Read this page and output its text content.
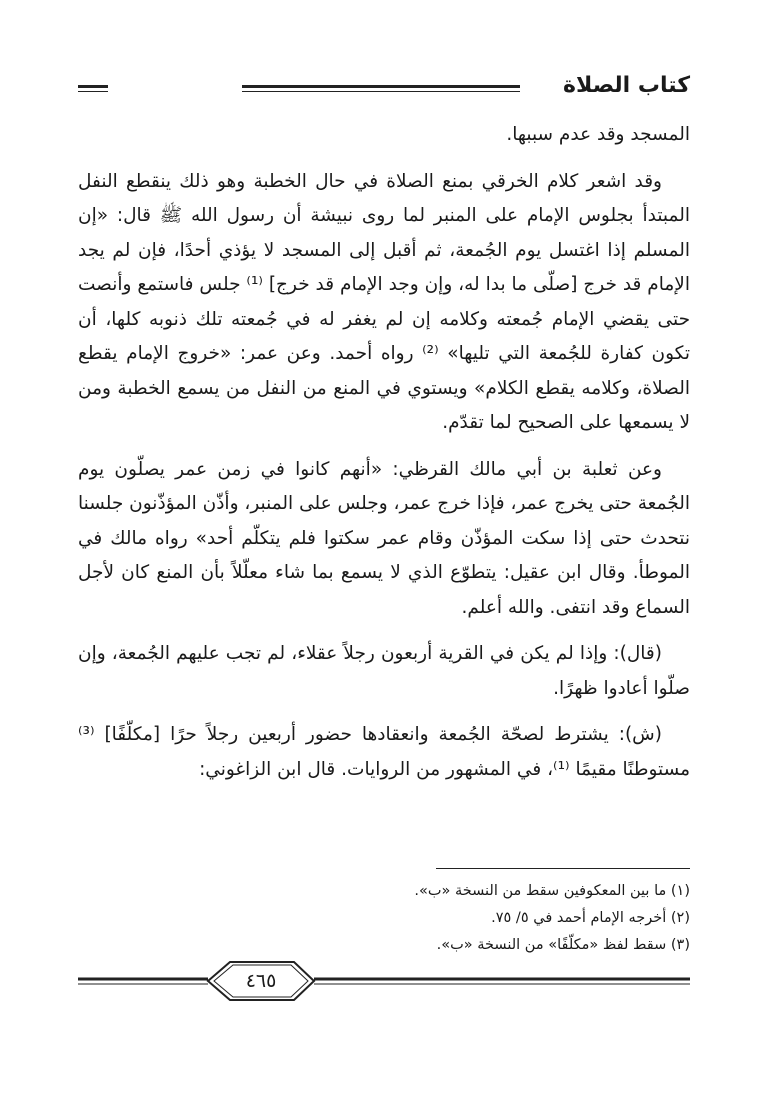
كتاب الصلاة

المسجد وقد عدم سببها.

وقد اشعر كلام الخرقي بمنع الصلاة في حال الخطبة وهو ذلك ينقطع النفل المبتدأ بجلوس الإمام على المنبر لما روى نبيشة أن رسول الله ﷺ قال: «إن المسلم إذا اغتسل يوم الجُمعة، ثم أقبل إلى المسجد لا يؤذي أحدًا، فإن لم يجد الإمام قد خرج [صلّى ما بدا له، وإن وجد الإمام قد خرج] ⁽¹⁾ جلس فاستمع وأنصت حتى يقضي الإمام جُمعته وكلامه إن لم يغفر له في جُمعته تلك ذنوبه كلها، أن تكون كفارة للجُمعة التي تليها» ⁽²⁾ رواه أحمد. وعن عمر: «خروج الإمام يقطع الصلاة، وكلامه يقطع الكلام» ويستوي في المنع من النفل من يسمع الخطبة ومن لا يسمعها على الصحيح لما تقدّم.

وعن ثعلبة بن أبي مالك القرظي: «أنهم كانوا في زمن عمر يصلّون يوم الجُمعة حتى يخرج عمر، فإذا خرج عمر، وجلس على المنبر، وأذّن المؤذّنون جلسنا نتحدث حتى إذا سكت المؤذّن وقام عمر سكتوا فلم يتكلّم أحد» رواه مالك في الموطأ. وقال ابن عقيل: يتطوّع الذي لا يسمع بما شاء معلّلاً بأن المنع كان لأجل السماع وقد انتفى. والله أعلم.

(قال): وإذا لم يكن في القرية أربعون رجلاً عقلاء، لم تجب عليهم الجُمعة، وإن صلّوا أعادوا ظهرًا.

(ش): يشترط لصحّة الجُمعة وانعقادها حضور أربعين رجلاً حرًا [مكلّفًا] ⁽³⁾ مستوطنًا مقيمًا ⁽¹⁾، في المشهور من الروايات. قال ابن الزاغوني:

(١) ما بين المعكوفين سقط من النسخة «ب».

(٢) أخرجه الإمام أحمد في ٥/ ٧٥.

(٣) سقط لفظ «مكلّفًا» من النسخة «ب».

٤٦٥
